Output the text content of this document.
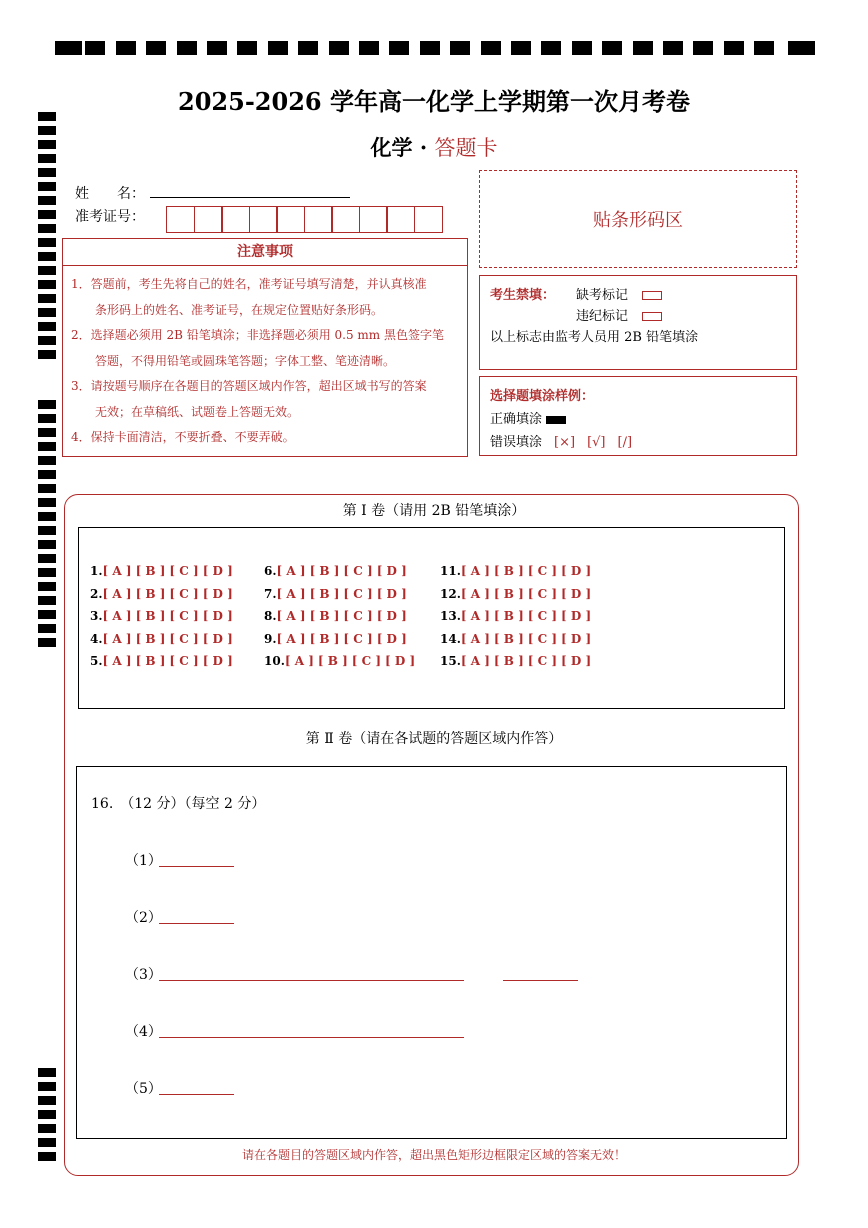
2025-2026 学年高一化学上学期第一次月考卷
化学 · 答题卡
姓　　名：
准考证号：
注意事项
1．答题前，考生先将自己的姓名，准考证号填写清楚，并认真核准
　　条形码上的姓名、准考证号，在规定位置贴好条形码。
2．选择题必须用 2B 铅笔填涂；非选择题必须用 0.5 mm 黑色签字笔
　　答题，不得用铅笔或圆珠笔答题；字体工整、笔迹清晰。
3．请按题号顺序在各题目的答题区域内作答，超出区域书写的答案
　　无效；在草稿纸、试题卷上答题无效。
4．保持卡面清洁，不要折叠、不要弄破。
贴条形码区
考生禁填： 缺考标记
违纪标记
以上标志由监考人员用 2B 铅笔填涂
选择题填涂样例：
正确填涂
错误填涂 [×] [√] [/]
第 Ⅰ 卷（请用 2B 铅笔填涂）
1.[ A ] [ B ] [ C ] [ D ]
2.[ A ] [ B ] [ C ] [ D ]
3.[ A ] [ B ] [ C ] [ D ]
4.[ A ] [ B ] [ C ] [ D ]
5.[ A ] [ B ] [ C ] [ D ]
6.[ A ] [ B ] [ C ] [ D ]
7.[ A ] [ B ] [ C ] [ D ]
8.[ A ] [ B ] [ C ] [ D ]
9.[ A ] [ B ] [ C ] [ D ]
10.[ A ] [ B ] [ C ] [ D ]
11.[ A ] [ B ] [ C ] [ D ]
12.[ A ] [ B ] [ C ] [ D ]
13.[ A ] [ B ] [ C ] [ D ]
14.[ A ] [ B ] [ C ] [ D ]
15.[ A ] [ B ] [ C ] [ D ]
第 Ⅱ 卷（请在各试题的答题区域内作答）
16.　（12 分）（每空 2 分）
（1）
（2）
（3）
（4）
（5）
请在各题目的答题区域内作答，超出黑色矩形边框限定区域的答案无效！
